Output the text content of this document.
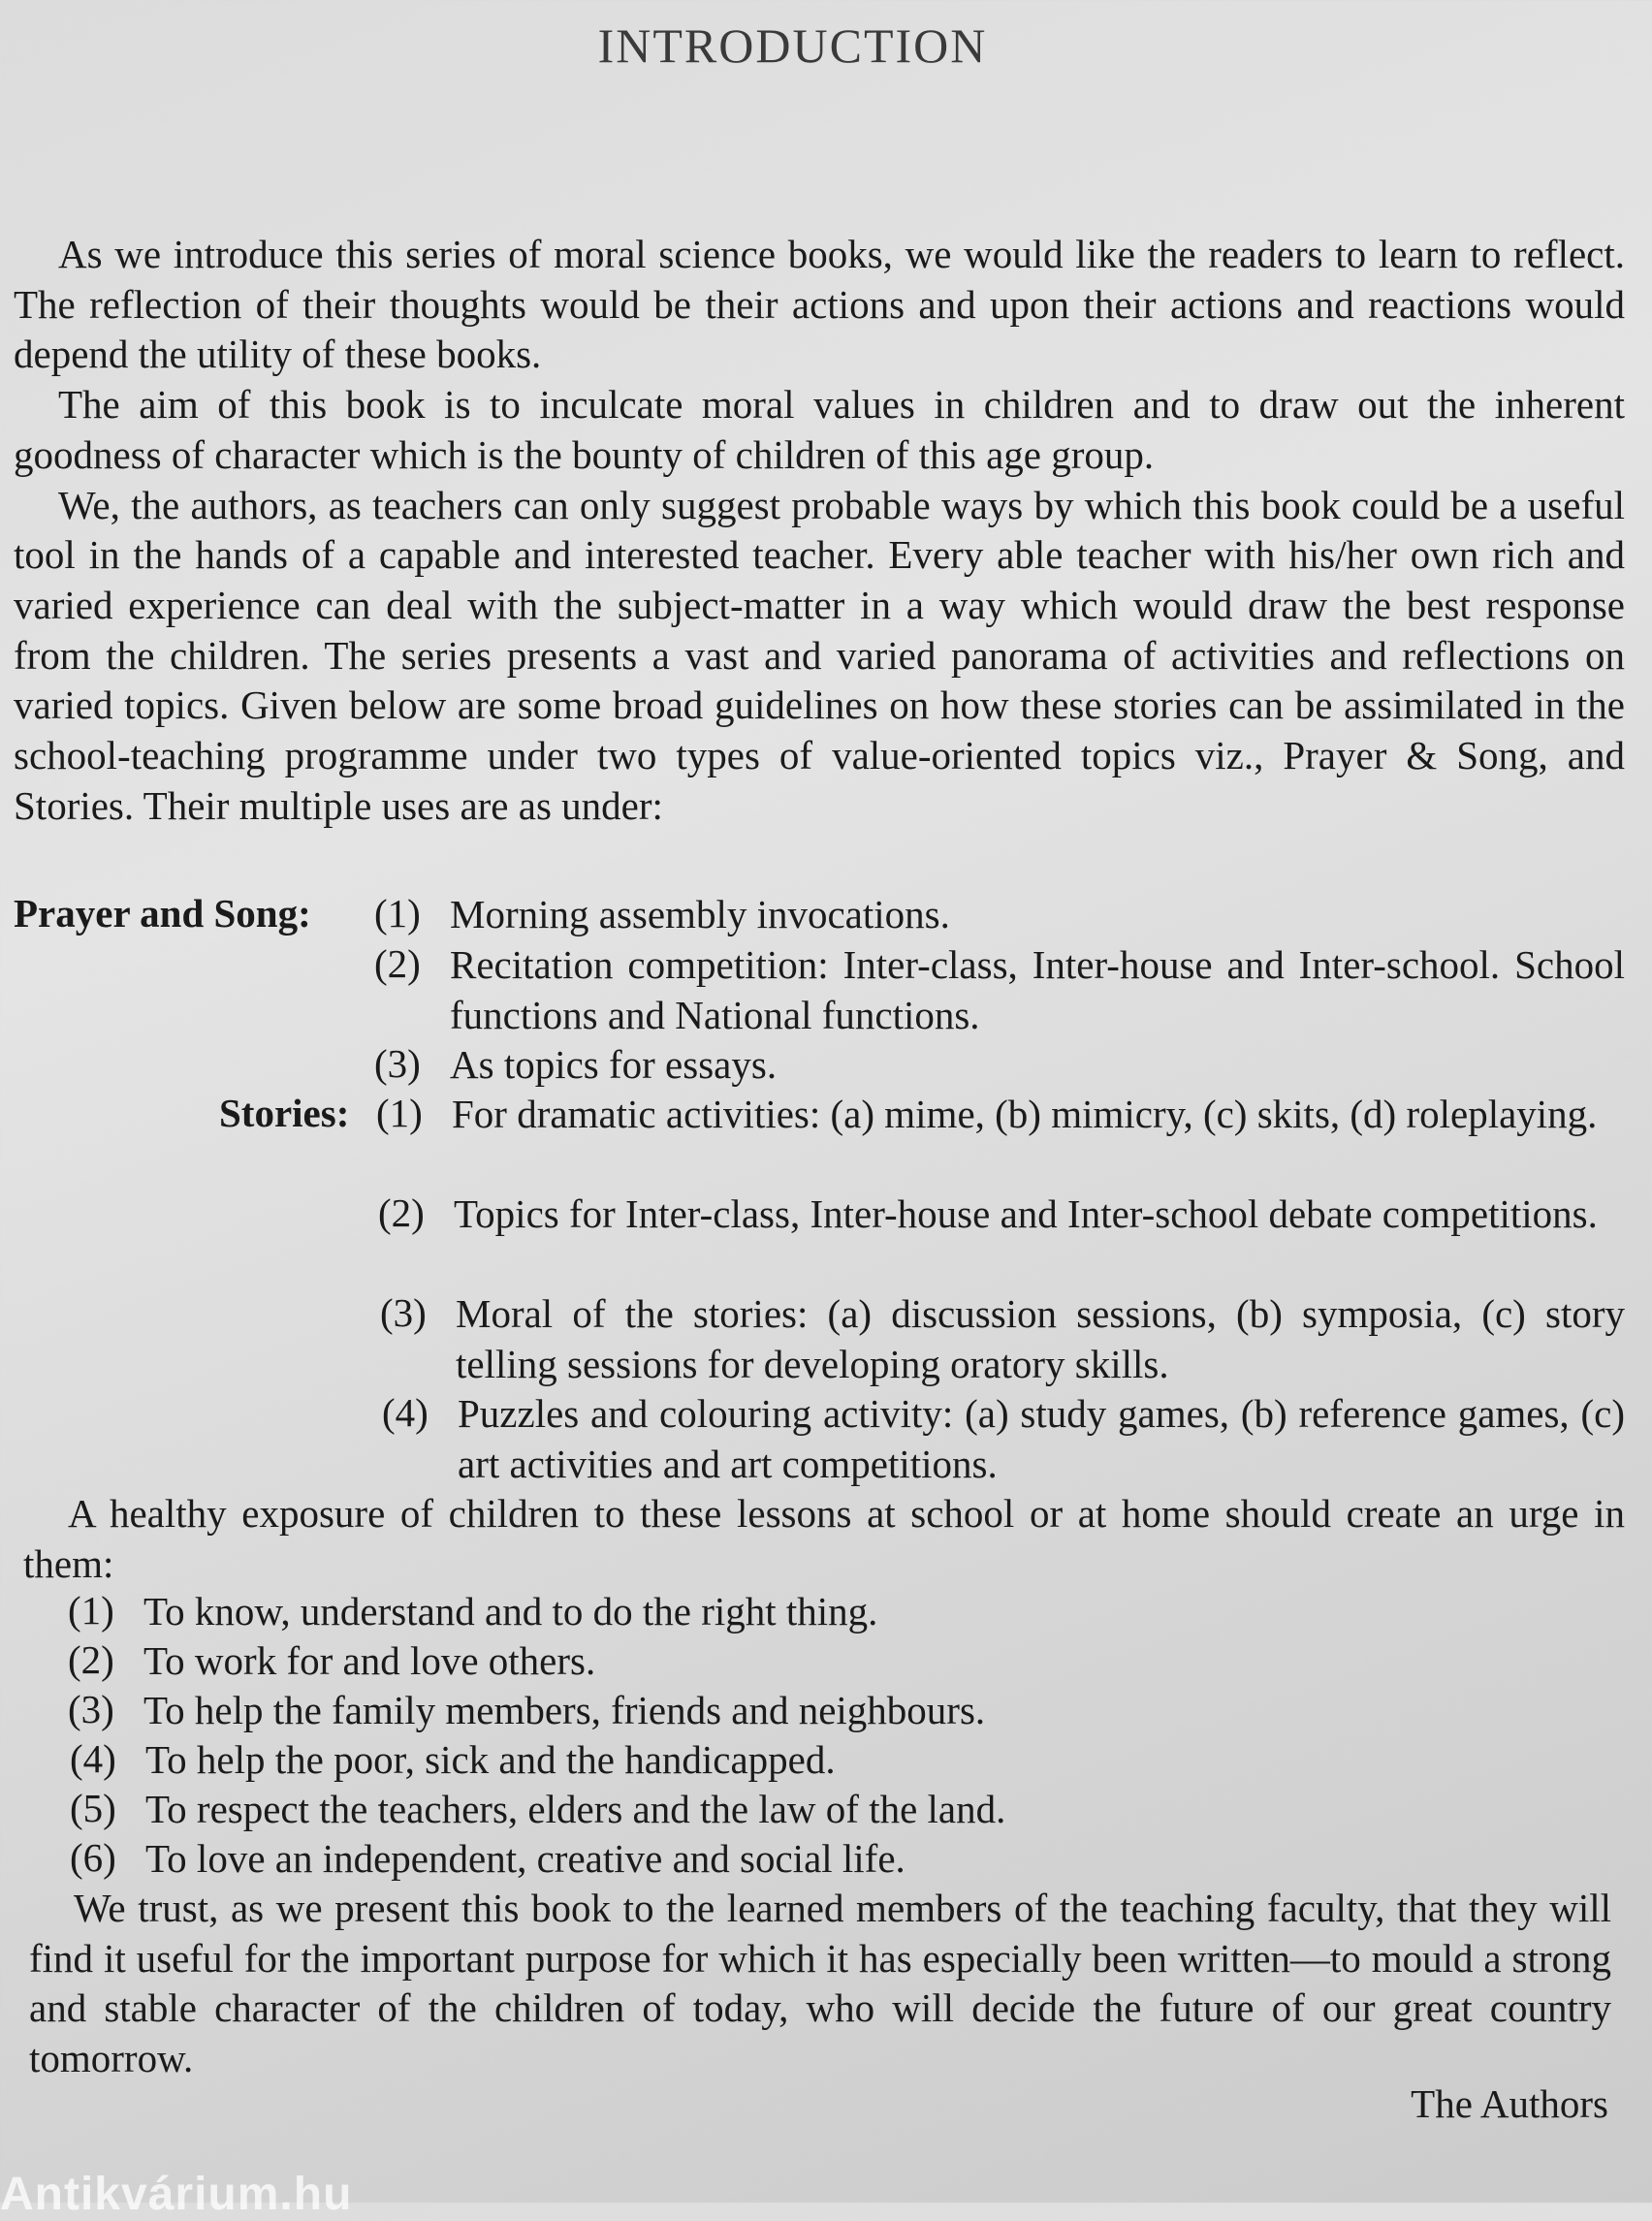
INTRODUCTION

As we introduce this series of moral science books, we would like the readers to learn to reflect. The reflection of their thoughts would be their actions and upon their actions and reactions would depend the utility of these books.

The aim of this book is to inculcate moral values in children and to draw out the inherent goodness of character which is the bounty of children of this age group.

We, the authors, as teachers can only suggest probable ways by which this book could be a useful tool in the hands of a capable and interested teacher. Every able teacher with his/her own rich and varied experience can deal with the subject-matter in a way which would draw the best response from the children. The series presents a vast and varied panorama of activities and reflections on varied topics. Given below are some broad guidelines on how these stories can be assimilated in the school-teaching programme under two types of value-oriented topics viz., Prayer & Song, and Stories. Their multiple uses are as under:

Prayer and Song: (1) Morning assembly invocations.

(2) Recitation competition: Inter-class, Inter-house and Inter-school. School functions and National functions.

(3) As topics for essays.

Stories: (1) For dramatic activities: (a) mime, (b) mimicry, (c) skits, (d) roleplaying.

(2) Topics for Inter-class, Inter-house and Inter-school debate competitions.

(3) Moral of the stories: (a) discussion sessions, (b) symposia, (c) story telling sessions for developing oratory skills.

(4) Puzzles and colouring activity: (a) study games, (b) reference games, (c) art activities and art competitions.

A healthy exposure of children to these lessons at school or at home should create an urge in them:

(1) To know, understand and to do the right thing.
(2) To work for and love others.
(3) To help the family members, friends and neighbours.
(4) To help the poor, sick and the handicapped.
(5) To respect the teachers, elders and the law of the land.
(6) To love an independent, creative and social life.

We trust, as we present this book to the learned members of the teaching faculty, that they will find it useful for the important purpose for which it has especially been written—to mould a strong and stable character of the children of today, who will decide the future of our great country tomorrow.

The Authors
Antikvárium.hu
